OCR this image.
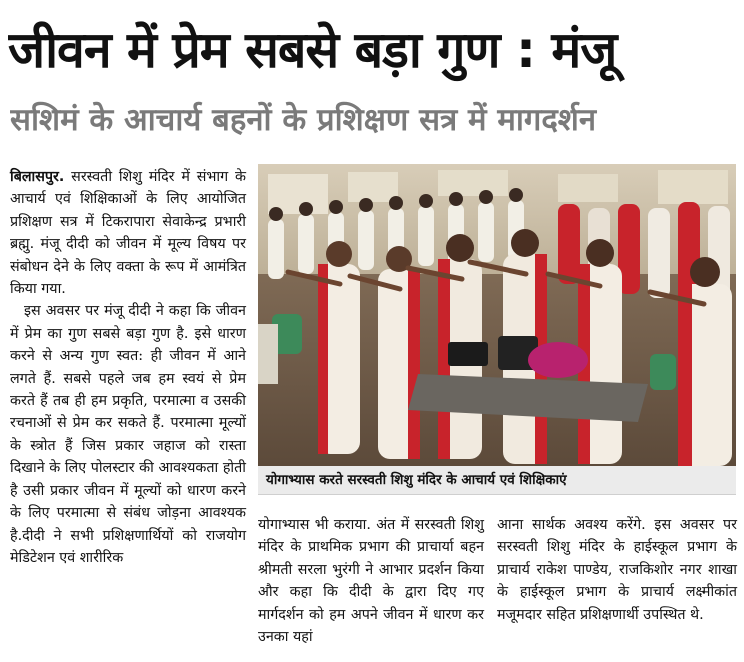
जीवन में प्रेम सबसे बड़ा गुण : मंजू
सशिमं के आचार्य बहनों के प्रशिक्षण सत्र में मागदर्शन

बिलासपुर. सरस्वती शिशु मंदिर में संभाग के आचार्य एवं शिक्षिकाओं के लिए आयोजित प्रशिक्षण सत्र में टिकरापारा सेवाकेन्द्र प्रभारी ब्रह्मु. मंजू दीदी को जीवन में मूल्य विषय पर संबोधन देने के लिए वक्ता के रूप में आमंत्रित किया गया.

इस अवसर पर मंजू दीदी ने कहा कि जीवन में प्रेम का गुण सबसे बड़ा गुण है. इसे धारण करने से अन्य गुण स्वत: ही जीवन में आने लगते हैं. सबसे पहले जब हम स्वयं से प्रेम करते हैं तब ही हम प्रकृति, परमात्मा व उसकी रचनाओं से प्रेम कर सकते हैं. परमात्मा मूल्यों के स्त्रोत हैं जिस प्रकार जहाज को रास्ता दिखाने के लिए पोलस्टार की आवश्यकता होती है उसी प्रकार जीवन में मूल्यों को धारण करने के लिए परमात्मा से संबंध जोड़ना आवश्यक है.दीदी ने सभी प्रशिक्षणार्थियों को राजयोग मेडिटेशन एवं शारीरिक

योगाभ्यास करते सरस्वती शिशु मंदिर के आचार्य एवं शिक्षिकाएं
योगाभ्यास भी कराया. अंत में सरस्वती शिशु मंदिर के प्राथमिक प्रभाग की प्राचार्या बहन श्रीमती सरला भुरंगी ने आभार प्रदर्शन किया और कहा कि दीदी के द्वारा दिए गए मार्गदर्शन को हम अपने जीवन में धारण कर उनका यहां
आना सार्थक अवश्य करेंगे. इस अवसर पर सरस्वती शिशु मंदिर के हाईस्कूल प्रभाग के प्राचार्य राकेश पाण्डेय, राजकिशोर नगर शाखा के हाईस्कूल प्रभाग के प्राचार्य लक्ष्मीकांत मजूमदार सहित प्रशिक्षणार्थी उपस्थित थे.
